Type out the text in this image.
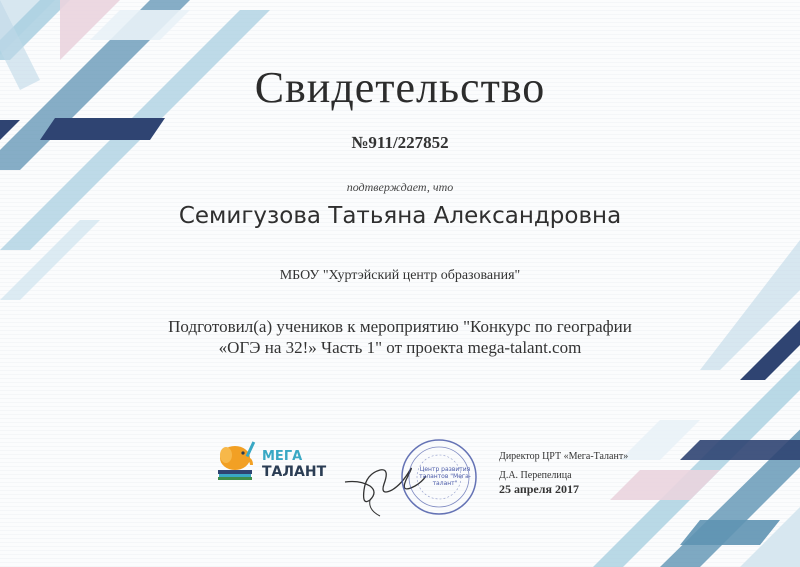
Свидетельство
№911/227852
подтверждает, что
Семигузова Татьяна Александровна
МБОУ "Хуртэйский центр образования"
Подготовил(а) учеников к мероприятию "Конкурс по географии
«ОГЭ на 32!» Часть 1" от проекта mega-talant.com
МЕГА
ТАЛАНТ	Центр развития талантов "Мега-талант"
Директор ЦРТ «Мега-Талант»
Д.А. Перепелица
25 апреля 2017
